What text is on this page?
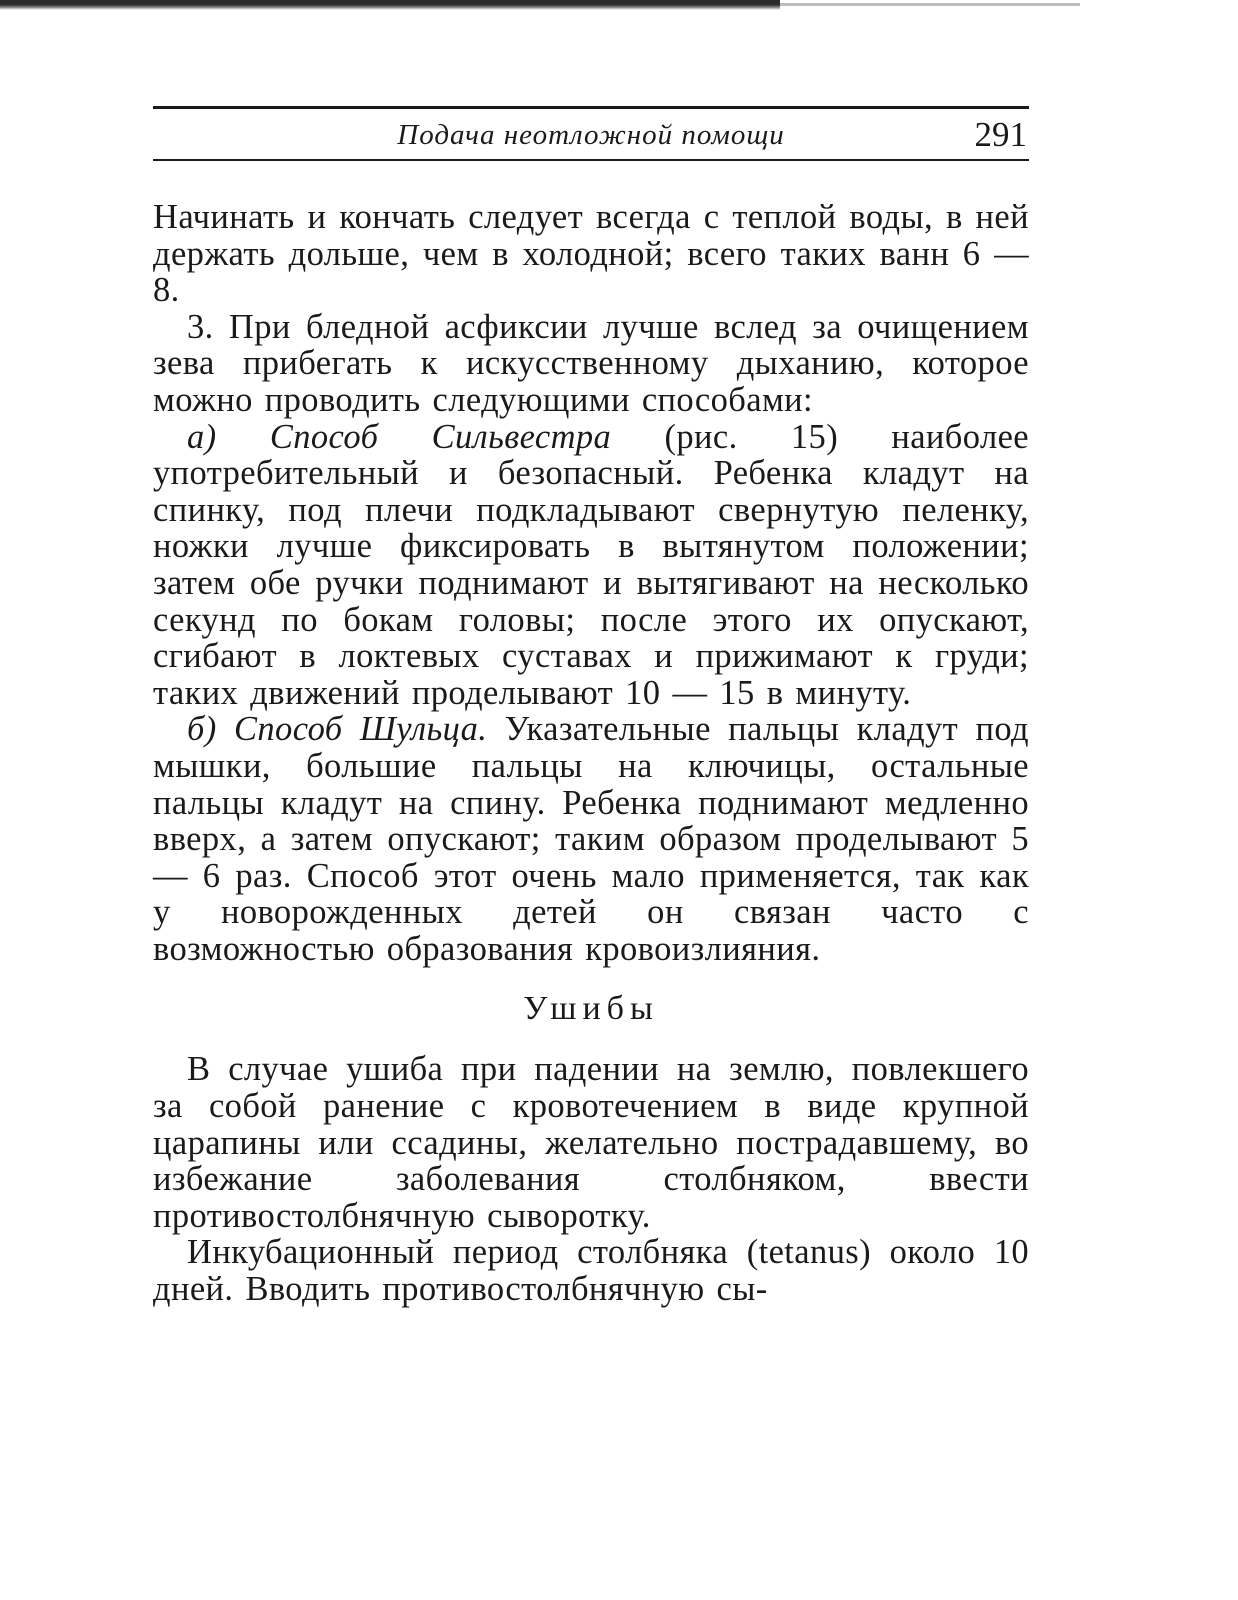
Подача неотложной помощи	291

Начинать и кончать следует всегда с теплой воды, в ней держать дольше, чем в холодной; всего таких ванн 6 — 8.

3. При бледной асфиксии лучше вслед за очищением зева прибегать к искусственному дыханию, которое можно проводить следующими способами:

а) Способ Сильвестра (рис. 15) наиболее употребительный и безопасный. Ребенка кладут на спинку, под плечи подкладывают свернутую пеленку, ножки лучше фиксировать в вытянутом положении; затем обе ручки поднимают и вытягивают на несколько секунд по бокам головы; после этого их опускают, сгибают в локтевых суставах и прижимают к груди; таких движений проделывают 10 — 15 в минуту.

б) Способ Шульца. Указательные пальцы кладут под мышки, большие пальцы на ключицы, остальные пальцы кладут на спину. Ребенка поднимают медленно вверх, а затем опускают; таким образом проделывают 5 — 6 раз. Способ этот очень мало применяется, так как у новорожденных детей он связан часто с возможностью образования кровоизлияния.

Ушибы

В случае ушиба при падении на землю, повлекшего за собой ранение с кровотечением в виде крупной царапины или ссадины, желательно пострадавшему, во избежание заболевания столбняком, ввести противостолбнячную сыворотку.

Инкубационный период столбняка (tetanus) около 10 дней. Вводить противостолбнячную сы-
